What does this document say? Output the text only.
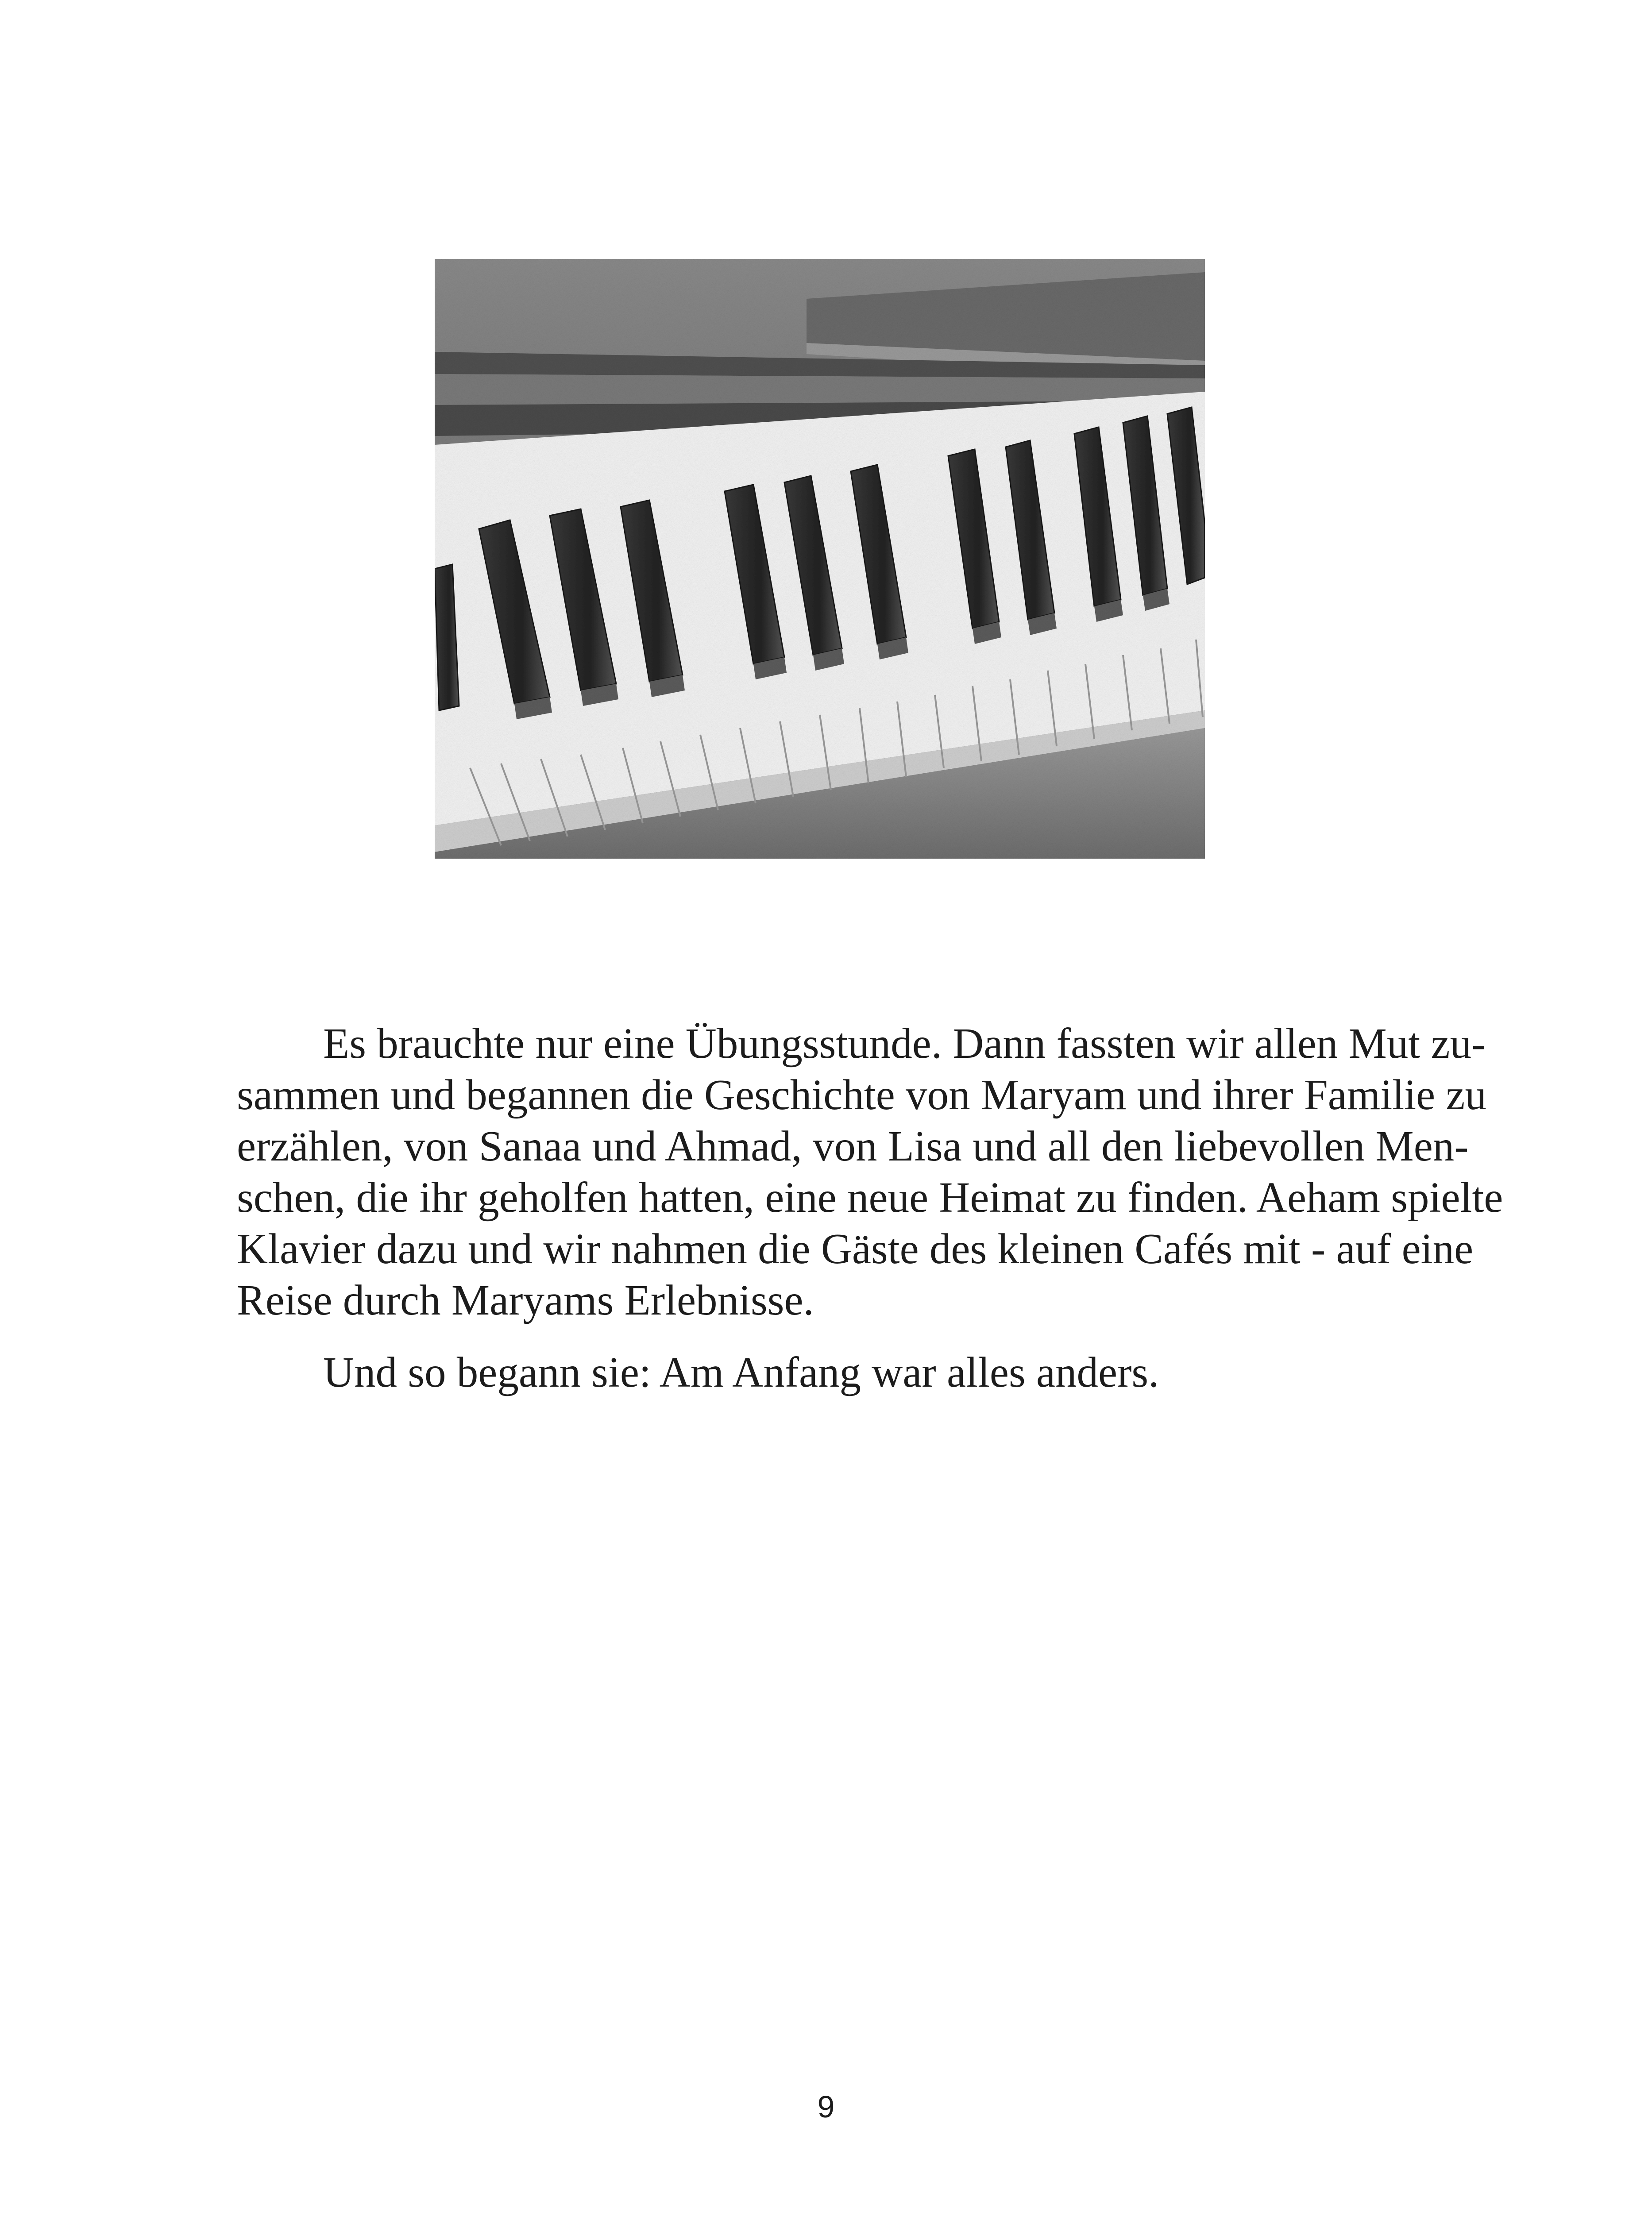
Es brauchte nur eine Übungsstunde. Dann fassten wir allen Mut zu-
sammen und begannen die Geschichte von Maryam und ihrer Familie zu
erzählen, von Sanaa und Ahmad, von Lisa und all den liebevollen Men-
schen, die ihr geholfen hatten, eine neue Heimat zu finden. Aeham spielte
Klavier dazu und wir nahmen die Gäste des kleinen Cafés mit - auf eine
Reise durch Maryams Erlebnisse.
Und so begann sie: Am Anfang war alles anders.
9
